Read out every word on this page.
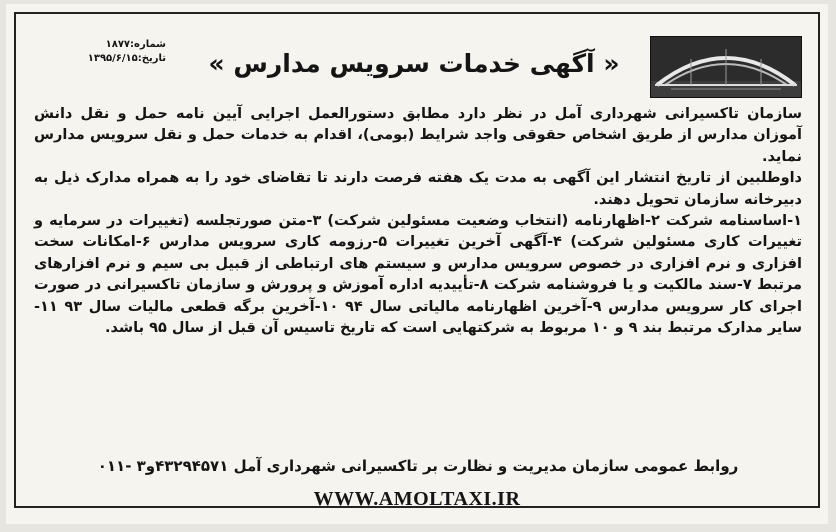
شماره:۱۸۷۷
تاریخ:۱۳۹۵/۶/۱۵	« آگهی خدمات سرویس مدارس »

سازمان تاکسیرانی شهرداری آمل در نظر دارد مطابق دستورالعمل اجرایی آیین نامه حمل و نقل دانش آموزان مدارس از طریق اشخاص حقوقی واجد شرایط (بومی)، اقدام به خدمات حمل و نقل سرویس مدارس نماید.

داوطلبین از تاریخ انتشار این آگهی به مدت یک هفته فرصت دارند تا تقاضای خود را به همراه مدارک ذیل به دبیرخانه سازمان تحویل دهند.

۱-اساسنامه شرکت ۲-اظهارنامه (انتخاب وضعیت مسئولین شرکت) ۳-متن صورتجلسه (تغییرات در سرمایه و تغییرات کاری مسئولین شرکت) ۴-آگهی آخرین تغییرات ۵-رزومه کاری سرویس مدارس ۶-امکانات سخت افزاری و نرم افزاری در خصوص سرویس مدارس و سیستم های ارتباطی از قبیل بی سیم و نرم افزارهای مرتبط ۷-سند مالکیت و یا فروشنامه شرکت ۸-تأییدیه اداره آموزش و پرورش و سازمان تاکسیرانی در صورت اجرای کار سرویس مدارس ۹-آخرین اظهارنامه مالیاتی سال ۹۴ ۱۰-آخرین برگه قطعی مالیات سال ۹۳ ۱۱-سایر مدارک مرتبط بند ۹ و ۱۰ مربوط به شرکتهایی است که تاریخ تاسیس آن قبل از سال ۹۵ باشد.

روابط عمومی سازمان مدیریت و نظارت بر تاکسیرانی شهرداری آمل ۴۳۲۹۴۵۷۱و۳ -۰۱۱
WWW.AMOLTAXI.IR
